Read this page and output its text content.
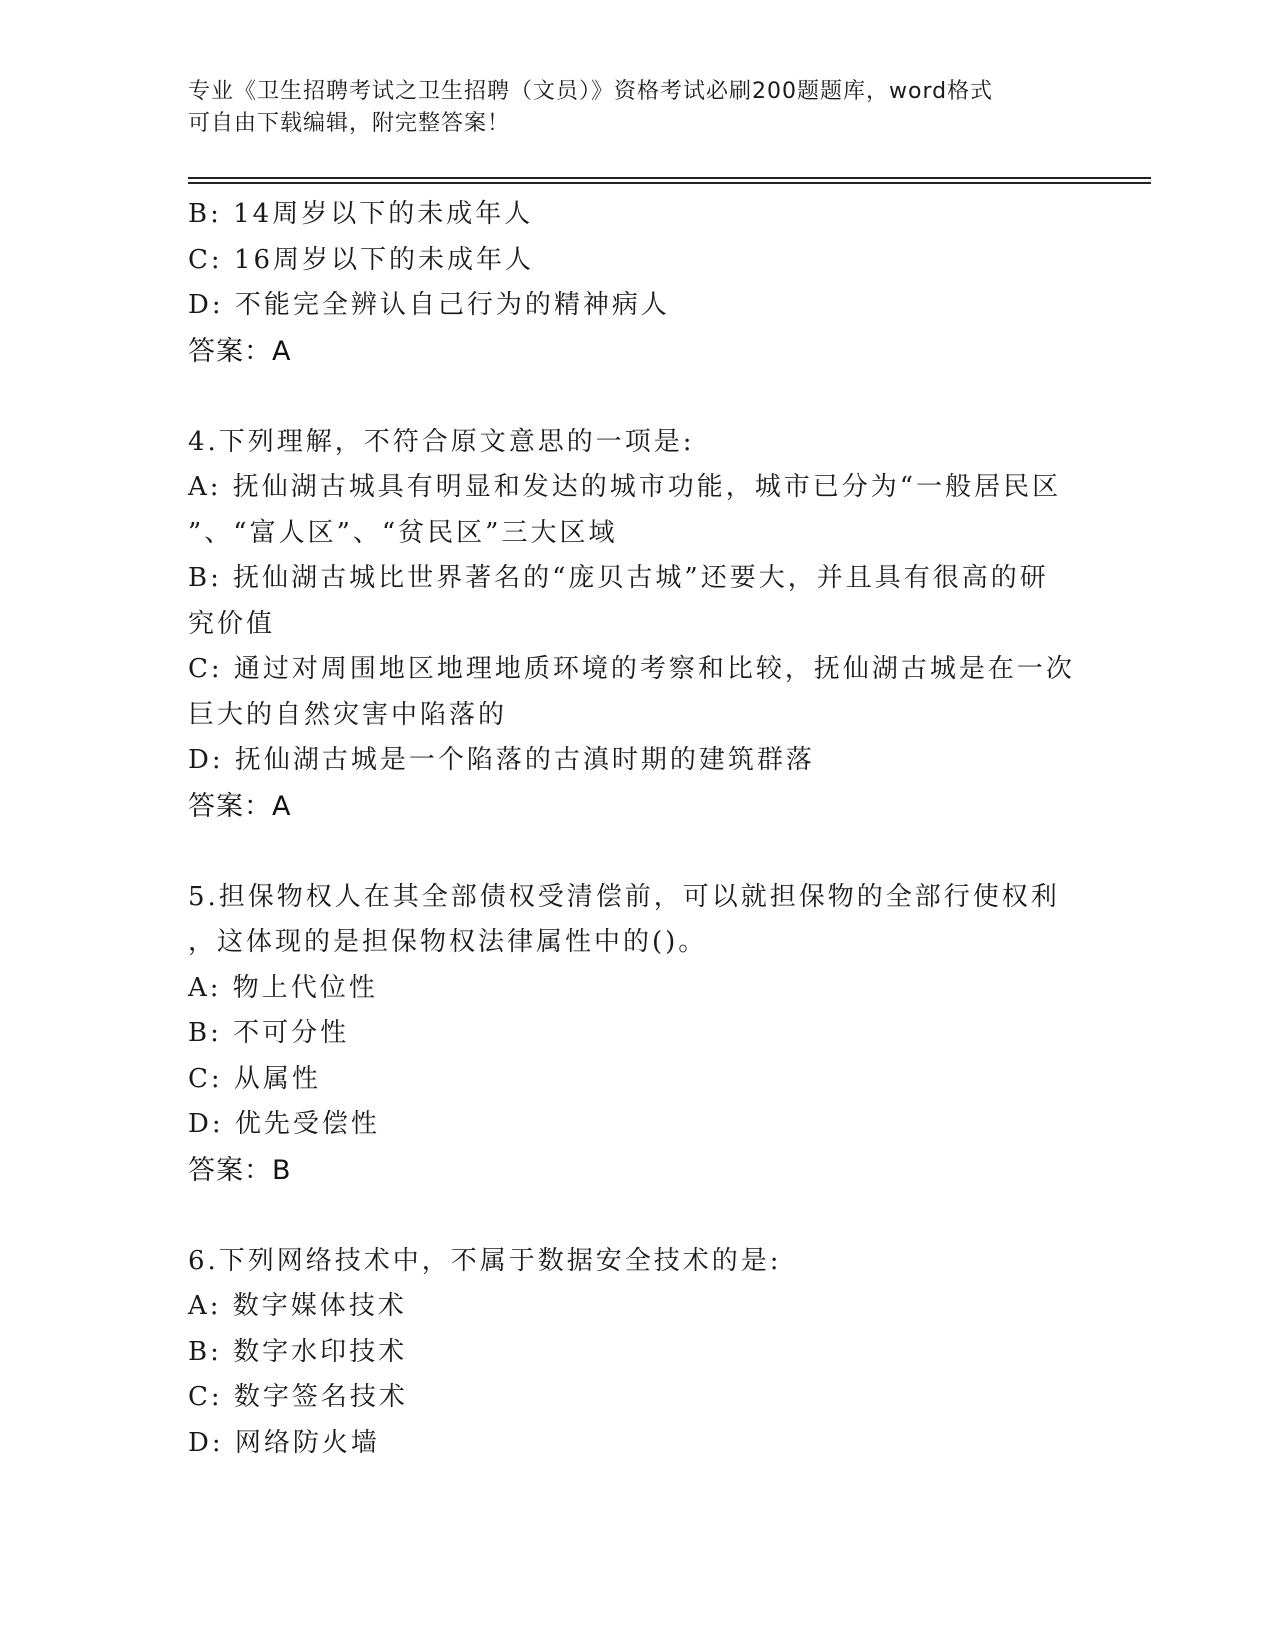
专业《卫生招聘考试之卫生招聘（文员）》资格考试必刷200题题库，word格式
可自由下载编辑，附完整答案！
B: 14周岁以下的未成年人
C: 16周岁以下的未成年人
D: 不能完全辨认自己行为的精神病人
答案：A
4.下列理解，不符合原文意思的一项是:
A: 抚仙湖古城具有明显和发达的城市功能，城市已分为“一般居民区
”、“富人区”、“贫民区”三大区域
B: 抚仙湖古城比世界著名的“庞贝古城”还要大，并且具有很高的研
究价值
C: 通过对周围地区地理地质环境的考察和比较，抚仙湖古城是在一次
巨大的自然灾害中陷落的
D: 抚仙湖古城是一个陷落的古滇时期的建筑群落
答案：A
5.担保物权人在其全部债权受清偿前，可以就担保物的全部行使权利
，这体现的是担保物权法律属性中的()。
A: 物上代位性
B: 不可分性
C: 从属性
D: 优先受偿性
答案：B
6.下列网络技术中，不属于数据安全技术的是:
A: 数字媒体技术
B: 数字水印技术
C: 数字签名技术
D: 网络防火墙
